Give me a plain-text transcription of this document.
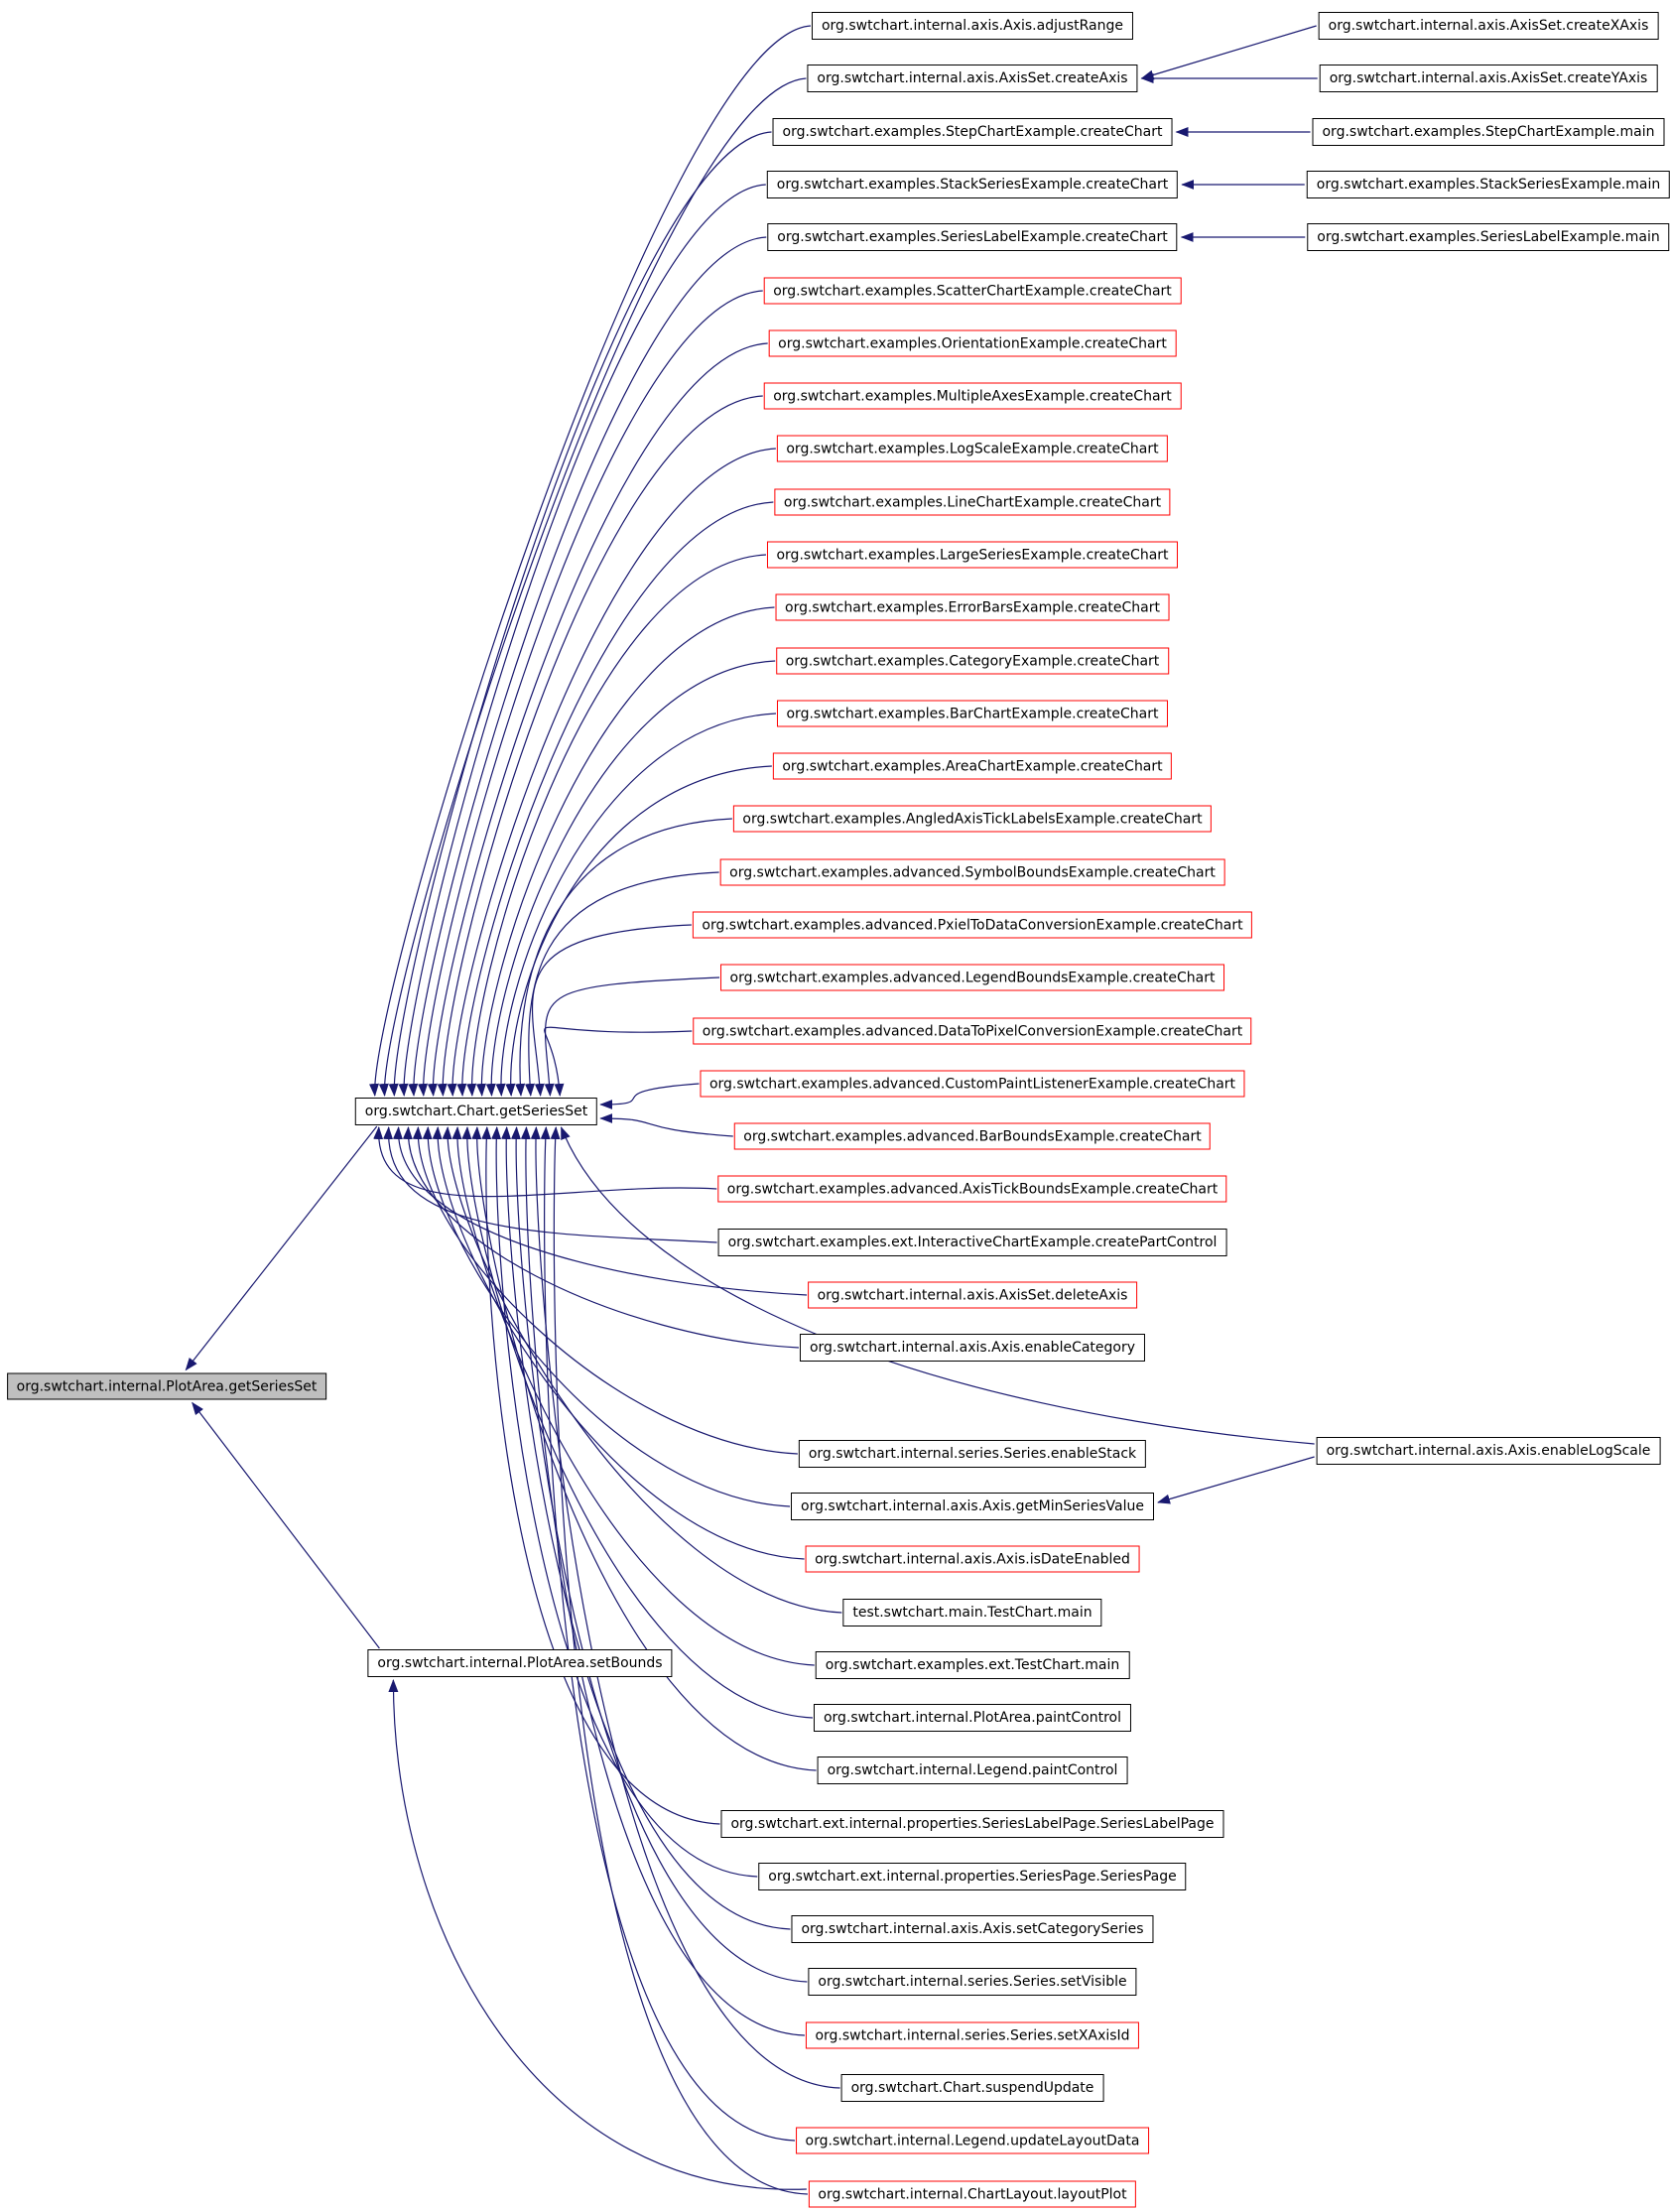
org.swtchart.internal.axis.Axis.adjustRange
org.swtchart.internal.axis.AxisSet.createAxis
org.swtchart.examples.StepChartExample.createChart
org.swtchart.examples.StackSeriesExample.createChart
org.swtchart.examples.SeriesLabelExample.createChart
org.swtchart.examples.ScatterChartExample.createChart
org.swtchart.examples.OrientationExample.createChart
org.swtchart.examples.MultipleAxesExample.createChart
org.swtchart.examples.LogScaleExample.createChart
org.swtchart.examples.LineChartExample.createChart
org.swtchart.examples.LargeSeriesExample.createChart
org.swtchart.examples.ErrorBarsExample.createChart
org.swtchart.examples.CategoryExample.createChart
org.swtchart.examples.BarChartExample.createChart
org.swtchart.examples.AreaChartExample.createChart
org.swtchart.examples.AngledAxisTickLabelsExample.createChart
org.swtchart.examples.advanced.SymbolBoundsExample.createChart
org.swtchart.examples.advanced.PxielToDataConversionExample.createChart
org.swtchart.examples.advanced.LegendBoundsExample.createChart
org.swtchart.examples.advanced.DataToPixelConversionExample.createChart
org.swtchart.examples.advanced.CustomPaintListenerExample.createChart
org.swtchart.examples.advanced.BarBoundsExample.createChart
org.swtchart.examples.advanced.AxisTickBoundsExample.createChart
org.swtchart.examples.ext.InteractiveChartExample.createPartControl
org.swtchart.internal.axis.AxisSet.deleteAxis
org.swtchart.internal.axis.Axis.enableCategory
org.swtchart.internal.series.Series.enableStack
org.swtchart.internal.axis.Axis.getMinSeriesValue
org.swtchart.internal.axis.Axis.isDateEnabled
test.swtchart.main.TestChart.main
org.swtchart.examples.ext.TestChart.main
org.swtchart.internal.PlotArea.paintControl
org.swtchart.internal.Legend.paintControl
org.swtchart.ext.internal.properties.SeriesLabelPage.SeriesLabelPage
org.swtchart.ext.internal.properties.SeriesPage.SeriesPage
org.swtchart.internal.axis.Axis.setCategorySeries
org.swtchart.internal.series.Series.setVisible
org.swtchart.internal.series.Series.setXAxisId
org.swtchart.Chart.suspendUpdate
org.swtchart.internal.Legend.updateLayoutData
org.swtchart.internal.ChartLayout.layoutPlot
org.swtchart.internal.axis.AxisSet.createXAxis
org.swtchart.internal.axis.AxisSet.createYAxis
org.swtchart.examples.StepChartExample.main
org.swtchart.examples.StackSeriesExample.main
org.swtchart.examples.SeriesLabelExample.main
org.swtchart.internal.axis.Axis.enableLogScale
org.swtchart.Chart.getSeriesSet
org.swtchart.internal.PlotArea.getSeriesSet
org.swtchart.internal.PlotArea.setBounds
